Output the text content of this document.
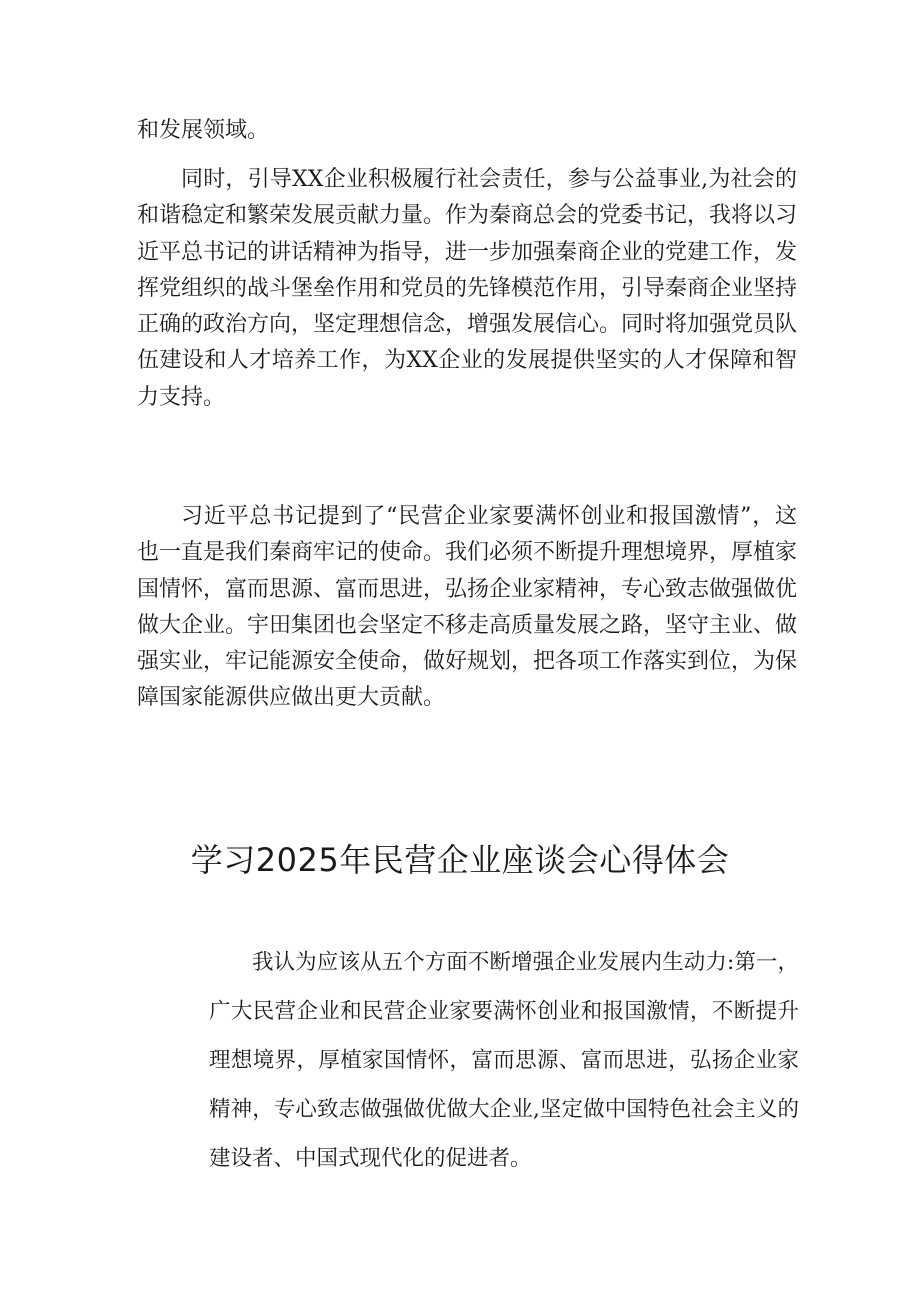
和发展领域。

同时，引导XX企业积极履行社会责任，参与公益事业,为社会的和谐稳定和繁荣发展贡献力量。作为秦商总会的党委书记，我将以习近平总书记的讲话精神为指导，进一步加强秦商企业的党建工作，发挥党组织的战斗堡垒作用和党员的先锋模范作用，引导秦商企业坚持正确的政治方向，坚定理想信念，增强发展信心。同时将加强党员队伍建设和人才培养工作，为XX企业的发展提供坚实的人才保障和智力支持。

习近平总书记提到了“民营企业家要满怀创业和报国激情”，这也一直是我们秦商牢记的使命。我们必须不断提升理想境界，厚植家国情怀，富而思源、富而思进，弘扬企业家精神，专心致志做强做优做大企业。宇田集团也会坚定不移走高质量发展之路，坚守主业、做强实业，牢记能源安全使命，做好规划，把各项工作落实到位，为保障国家能源供应做出更大贡献。

学习2025年民营企业座谈会心得体会

我认为应该从五个方面不断增强企业发展内生动力:第一，广大民营企业和民营企业家要满怀创业和报国激情，不断提升理想境界，厚植家国情怀，富而思源、富而思进，弘扬企业家精神，专心致志做强做优做大企业,坚定做中国特色社会主义的建设者、中国式现代化的促进者。
